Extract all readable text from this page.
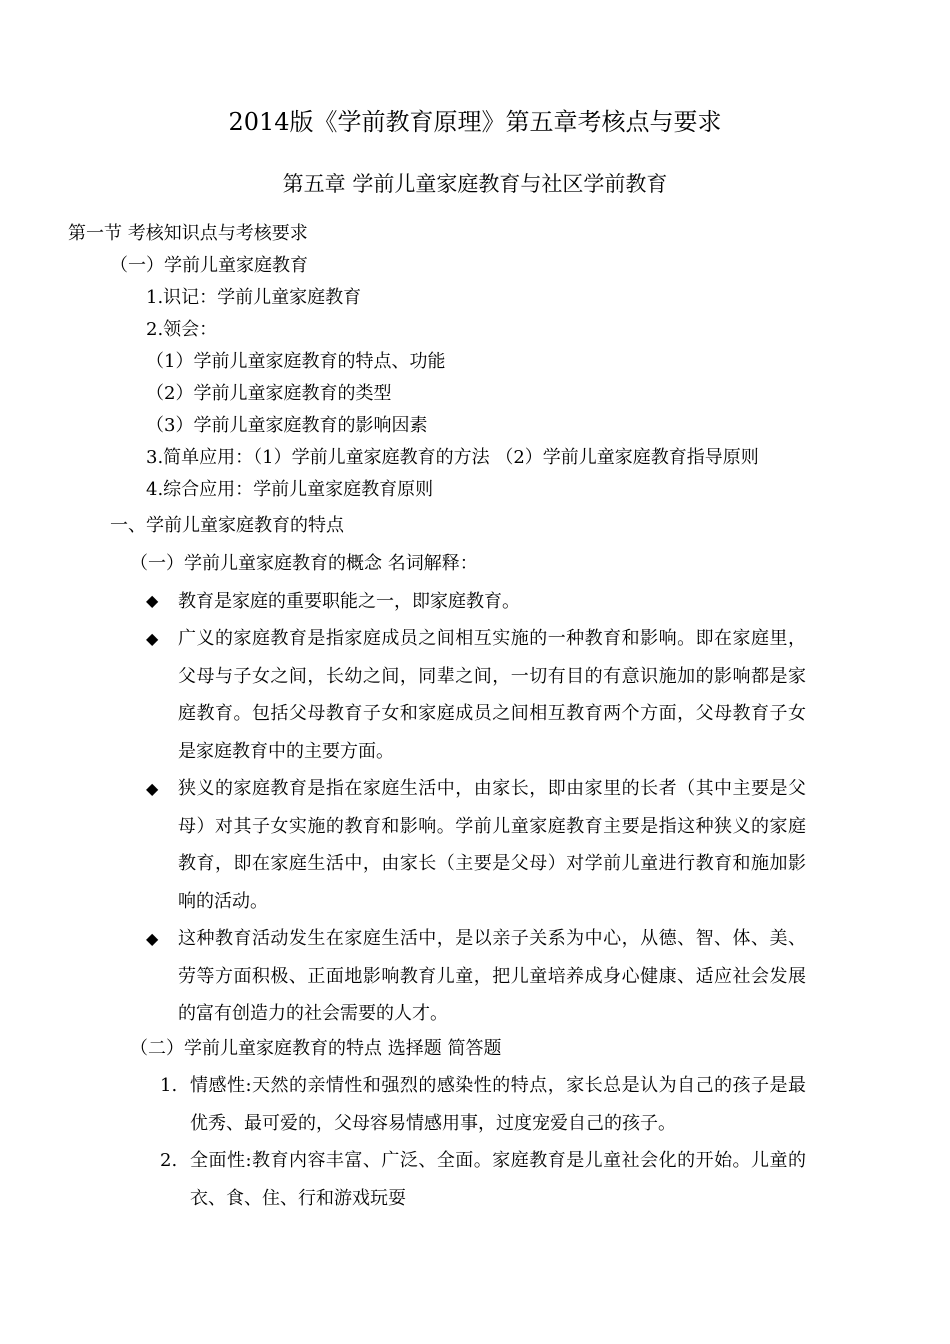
2014版《学前教育原理》第五章考核点与要求
第五章 学前儿童家庭教育与社区学前教育
第一节 考核知识点与考核要求
（一）学前儿童家庭教育
1.识记：学前儿童家庭教育
2.领会：
（1）学前儿童家庭教育的特点、功能
（2）学前儿童家庭教育的类型
（3）学前儿童家庭教育的影响因素
3.简单应用：（1）学前儿童家庭教育的方法 （2）学前儿童家庭教育指导原则
4.综合应用：学前儿童家庭教育原则
一、学前儿童家庭教育的特点
（一）学前儿童家庭教育的概念 名词解释：
◆ 教育是家庭的重要职能之一，即家庭教育。
◆ 广义的家庭教育是指家庭成员之间相互实施的一种教育和影响。即在家庭里，父母与子女之间，长幼之间，同辈之间，一切有目的有意识施加的影响都是家庭教育。包括父母教育子女和家庭成员之间相互教育两个方面，父母教育子女是家庭教育中的主要方面。
◆ 狭义的家庭教育是指在家庭生活中，由家长，即由家里的长者（其中主要是父母）对其子女实施的教育和影响。学前儿童家庭教育主要是指这种狭义的家庭教育，即在家庭生活中，由家长（主要是父母）对学前儿童进行教育和施加影响的活动。
◆ 这种教育活动发生在家庭生活中，是以亲子关系为中心，从德、智、体、美、劳等方面积极、正面地影响教育儿童，把儿童培养成身心健康、适应社会发展的富有创造力的社会需要的人才。
（二）学前儿童家庭教育的特点 选择题 简答题
1. 情感性:天然的亲情性和强烈的感染性的特点，家长总是认为自己的孩子是最优秀、最可爱的，父母容易情感用事，过度宠爱自己的孩子。
2. 全面性:教育内容丰富、广泛、全面。家庭教育是儿童社会化的开始。儿童的衣、食、住、行和游戏玩耍
